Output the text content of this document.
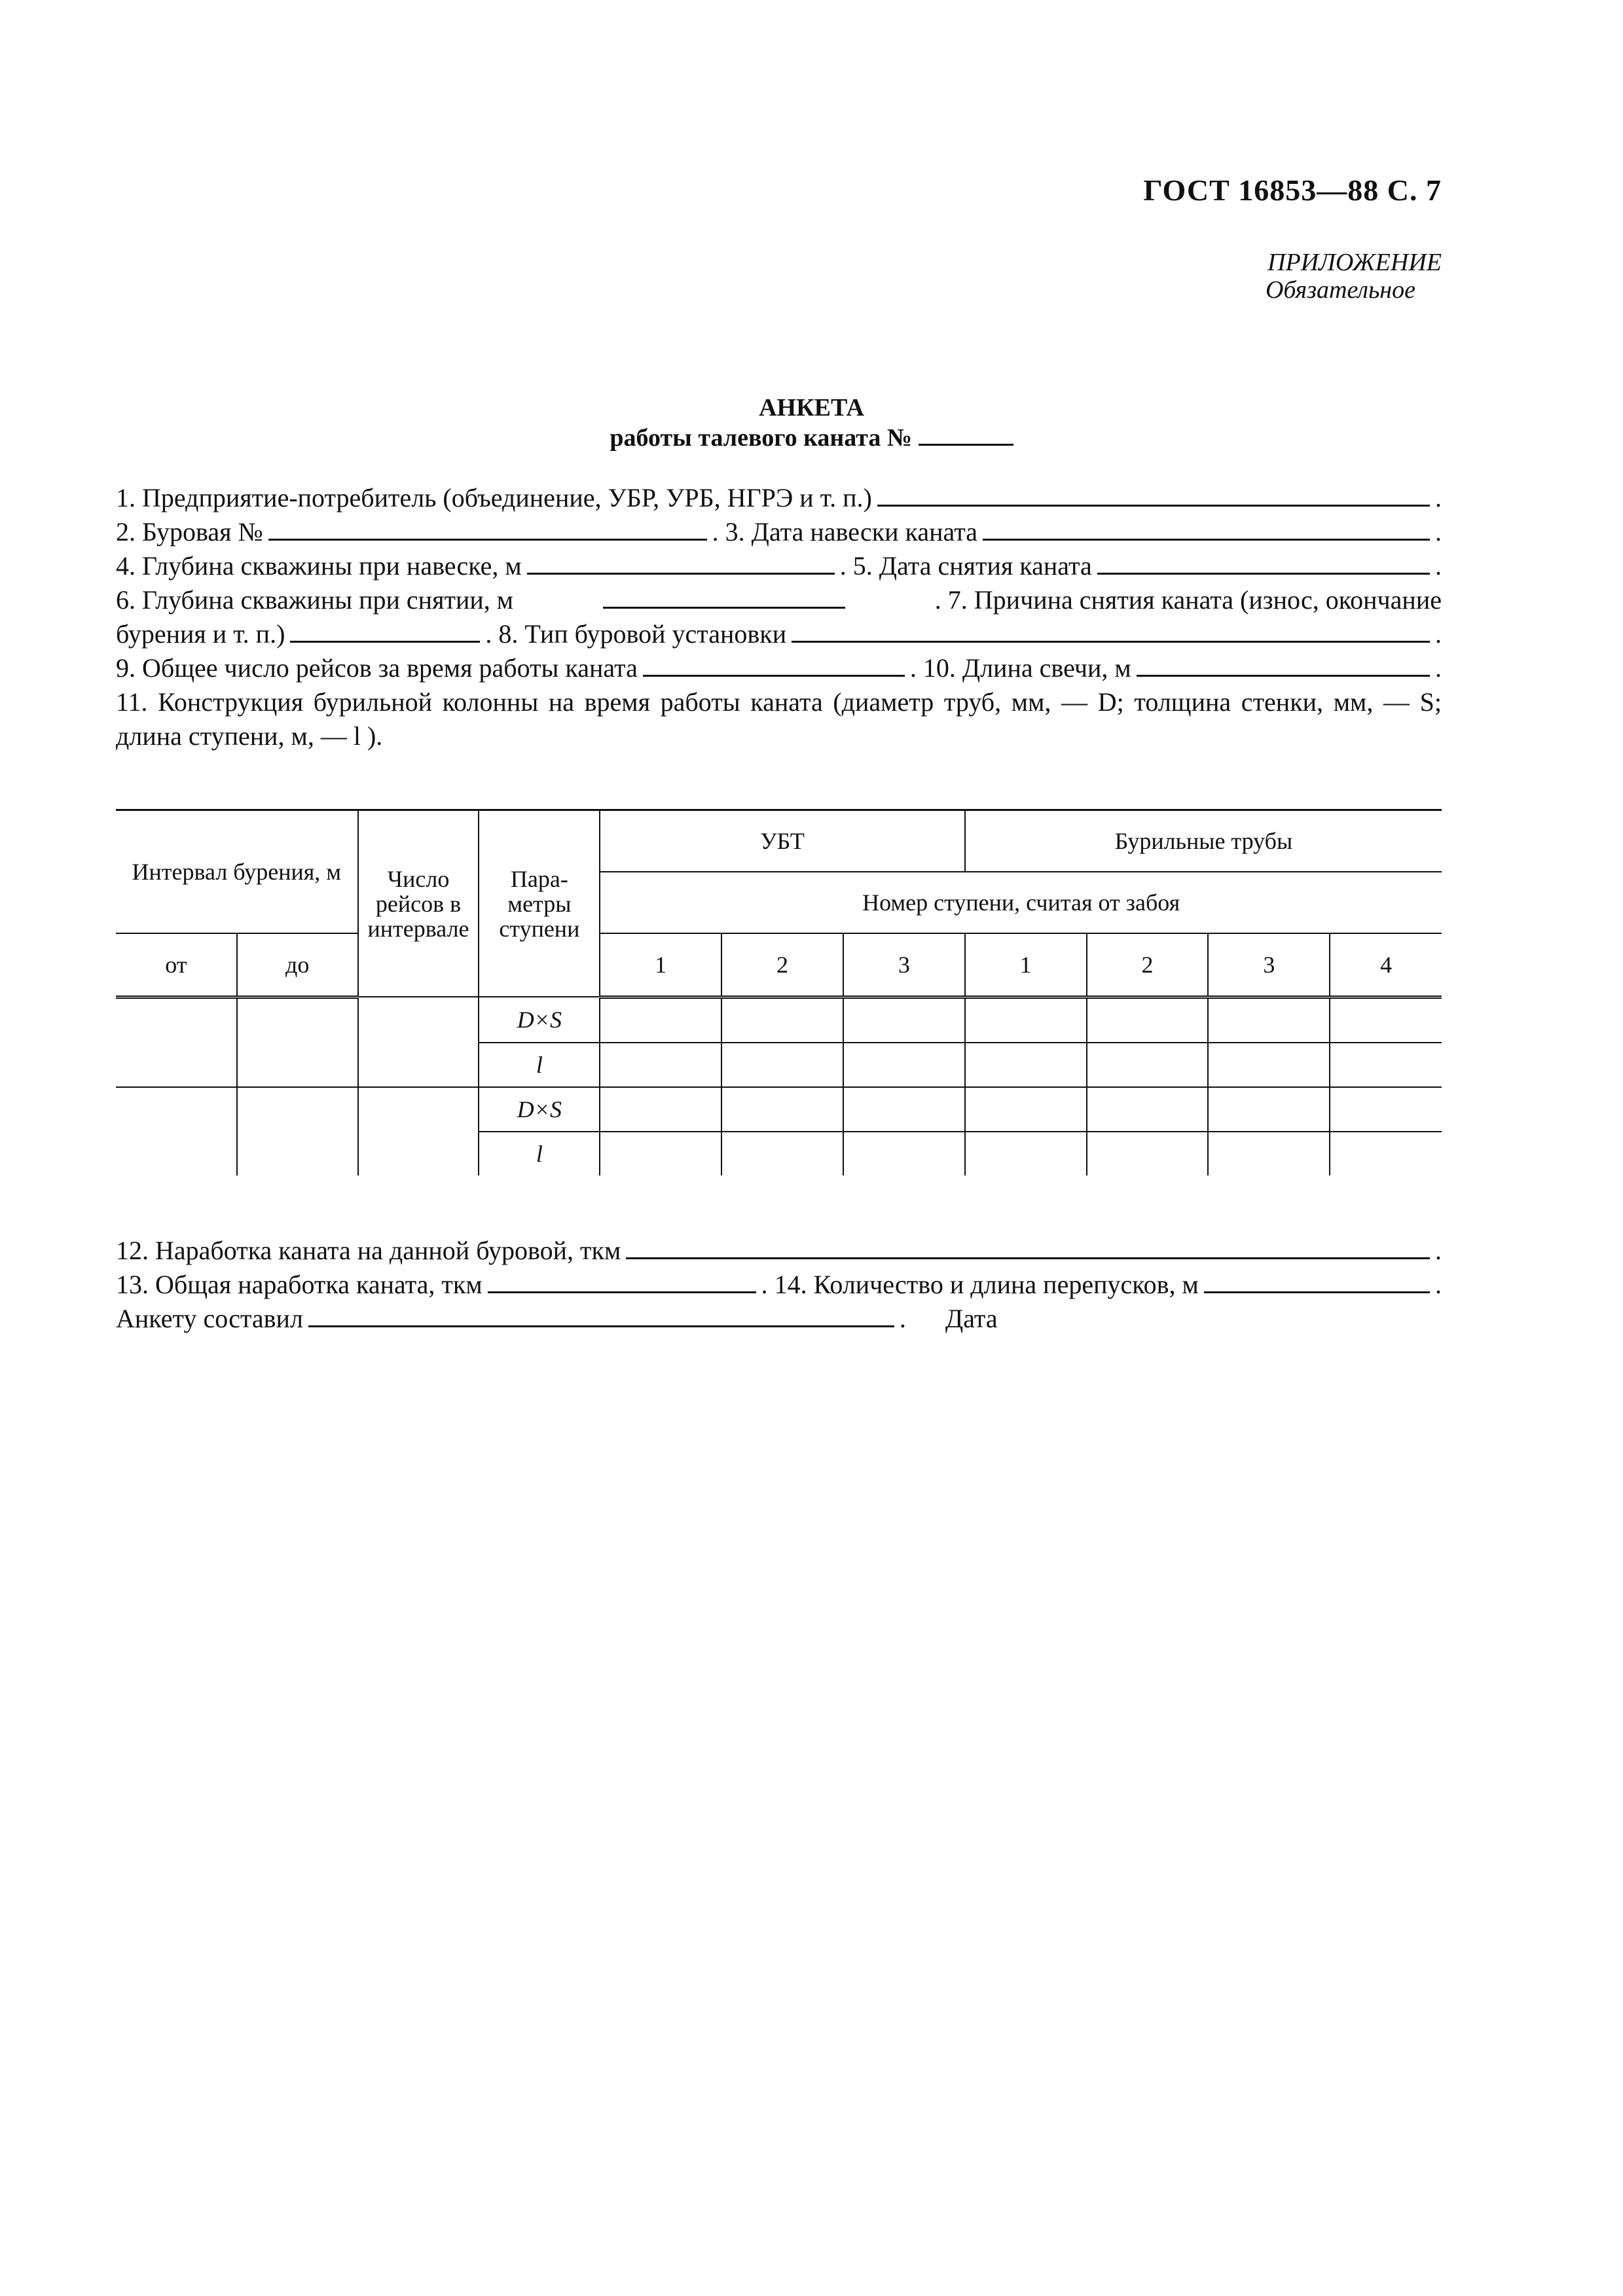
ГОСТ 16853—88 С. 7
ПРИЛОЖЕНИЕ
Обязательное
АНКЕТА
работы талевого каната №
1. Предприятие-потребитель (объединение, УБР, УРБ, НГРЭ и т. п.)	.
2. Буровая №	. 3. Дата навески каната	.
4. Глубина скважины при навеске, м	. 5. Дата снятия каната	.
6. Глубина скважины при снятии, м	. 7. Причина снятия каната (износ, окончание
бурения и т. п.)	. 8. Тип буровой установки	.
9. Общее число рейсов за время работы каната	. 10. Длина свечи, м	.
11. Конструкция бурильной колонны на время работы каната (диаметр труб, мм, — D; толщина стенки, мм, — S; длина ступени, м, — l ).
Интервал бурения, м		Число рейсов в интервале	Пара- метры ступени	УБТ			Бурильные трубы			
				Номер ступени, считая от забоя						
от	до			1	2	3	1	2	3	4
			D×S							
			l							
			D×S							
			l							
12. Наработка каната на данной буровой, ткм	.
13. Общая наработка каната, ткм	. 14. Количество и длина перепусков, м	.
Анкету составил	. Дата
